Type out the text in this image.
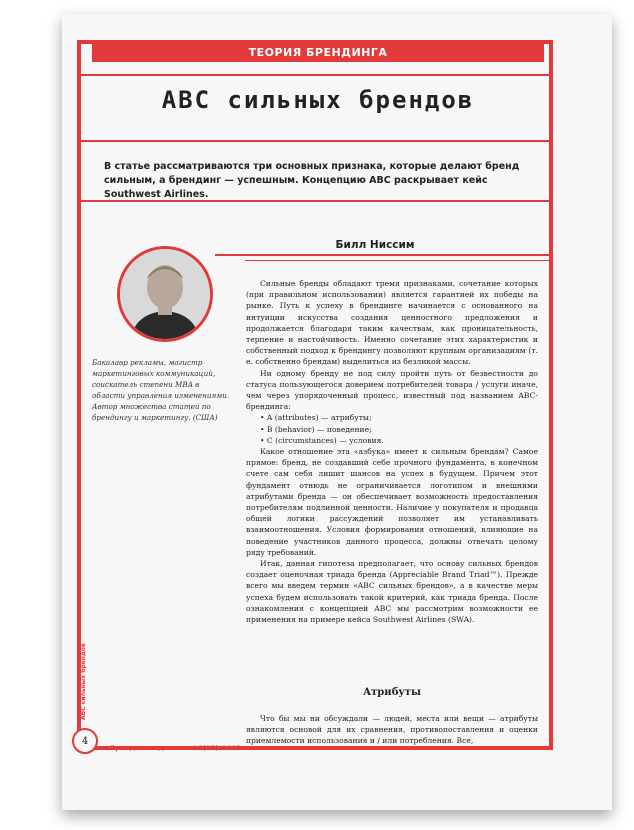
ТЕОРИЯ БРЕНДИНГА
ABC сильных брендов
В статье рассматриваются три основных признака, которые делают бренд сильным, а брендинг — успешным. Концепцию ABC раскрывает кейс Southwest Airlines.
Билл Ниссим
Бакалавр рекламы, магистр маркетинговых коммуникаций, соискатель степени MBA в области управления изменениями. Автор множества статей по брендингу и маркетингу. (США)

Сильные бренды обладают тремя признаками, сочетание которых (при правильном использовании) является гарантией их победы на рынке. Путь к успеху в брендинге начинается с основанного на интуиции искусства создания ценностного предложения и продолжается благодаря таким качествам, как проницательность, терпение и настойчивость. Именно сочетание этих характеристик и собственный подход к брендингу позволяют крупным организациям (т. е. собственно брендам) выделиться из безликой массы.

Ни одному бренду не под силу пройти путь от безвестности до статуса пользующегося доверием потребителей товара / услуги иначе, чем через упорядоченный процесс, известный под названием ABC-брендинга:

• A (attributes) — атрибуты;

• B (behavior) — поведение;

• C (circumstances) — условия.

Какое отношение эта «азбука» имеет к сильным брендам? Самое прямое: бренд, не создавший себе прочного фундамента, в конечном счете сам себя лишит шансов на успех в будущем. Причем этот фундамент отнюдь не ограничивается логотипом и внешними атрибутами бренда — он обеспечивает возможность предоставления потребителям подлинной ценности. Наличие у покупателя и продавца общей логики рассуждений позволяет им устанавливать взаимоотношения. Условия формирования отношений, влияющие на поведение участников данного процесса, должны отвечать целому ряду требований.

Итак, данная гипотеза предполагает, что основу сильных брендов создает оценочная триада бренда (Appreciable Brand Triad™). Прежде всего мы введем термин «ABC сильных брендов», а в качестве меры успеха будем использовать такой критерий, как триада бренда. После ознакомления с концепцией ABC мы рассмотрим возможности ее применения на примере кейса Southwest Airlines (SWA).

Атрибуты

Что бы мы ни обсуждали — людей, места или вещи — атрибуты являются основой для их сравнения, противопоставления и оценки приемлемости использования и / или потребления. Все,

ABC сильных брендов
4
Бренд-менеджмент #6(25)-2005
